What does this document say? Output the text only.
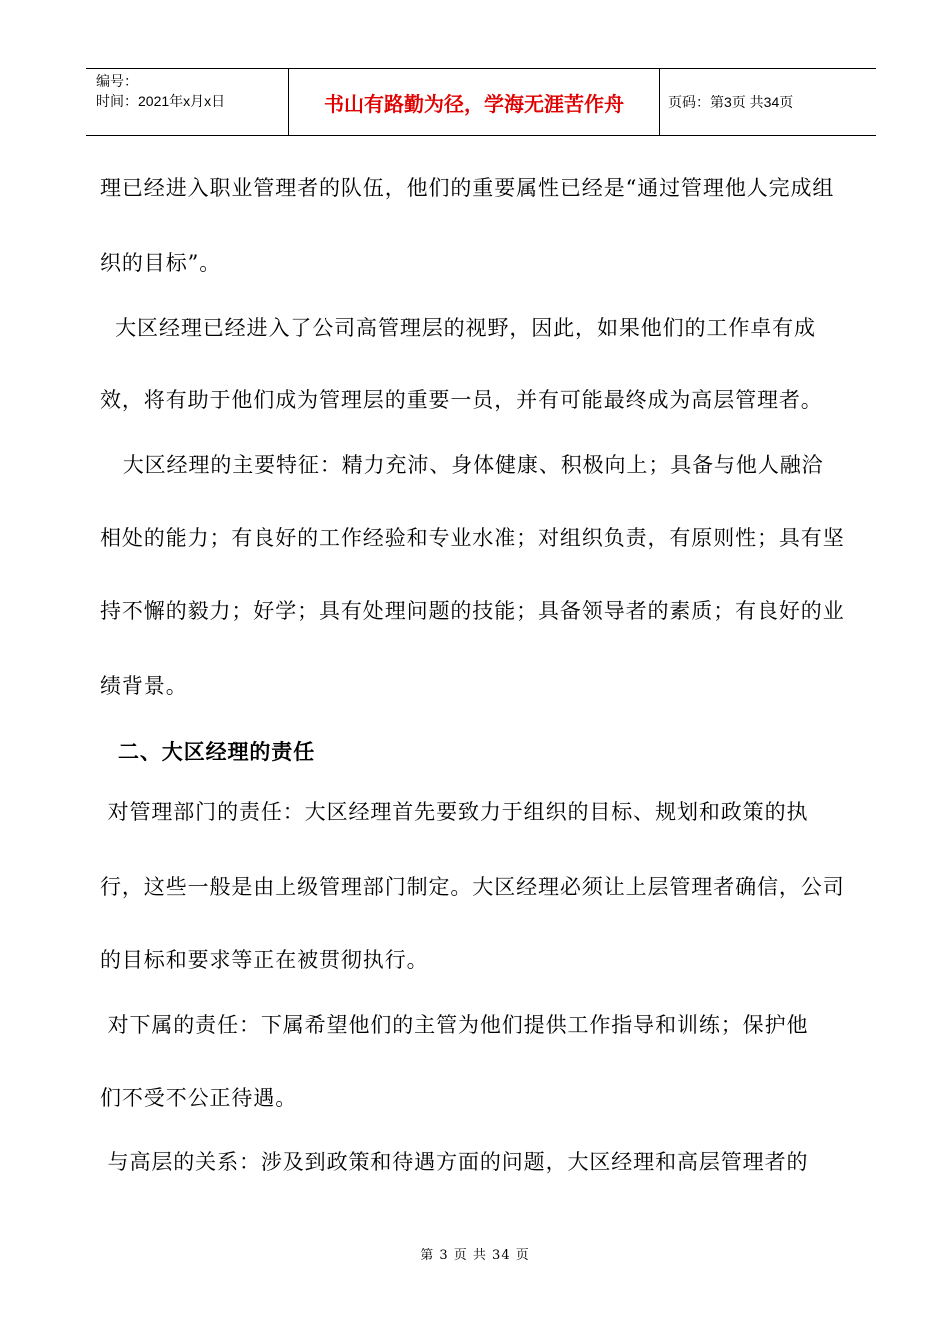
编号：
时间：2021年x月x日	书山有路勤为径，学海无涯苦作舟	页码：第3页 共34页
理已经进入职业管理者的队伍，他们的重要属性已经是“通过管理他人完成组
织的目标”。
大区经理已经进入了公司高管理层的视野，因此，如果他们的工作卓有成
效，将有助于他们成为管理层的重要一员，并有可能最终成为高层管理者。
大区经理的主要特征：精力充沛、身体健康、积极向上；具备与他人融洽
相处的能力；有良好的工作经验和专业水准；对组织负责，有原则性；具有坚
持不懈的毅力；好学；具有处理问题的技能；具备领导者的素质；有良好的业
绩背景。
二、大区经理的责任
对管理部门的责任：大区经理首先要致力于组织的目标、规划和政策的执
行，这些一般是由上级管理部门制定。大区经理必须让上层管理者确信，公司
的目标和要求等正在被贯彻执行。
对下属的责任：下属希望他们的主管为他们提供工作指导和训练；保护他
们不受不公正待遇。
与高层的关系：涉及到政策和待遇方面的问题，大区经理和高层管理者的
第 3 页 共 34 页
